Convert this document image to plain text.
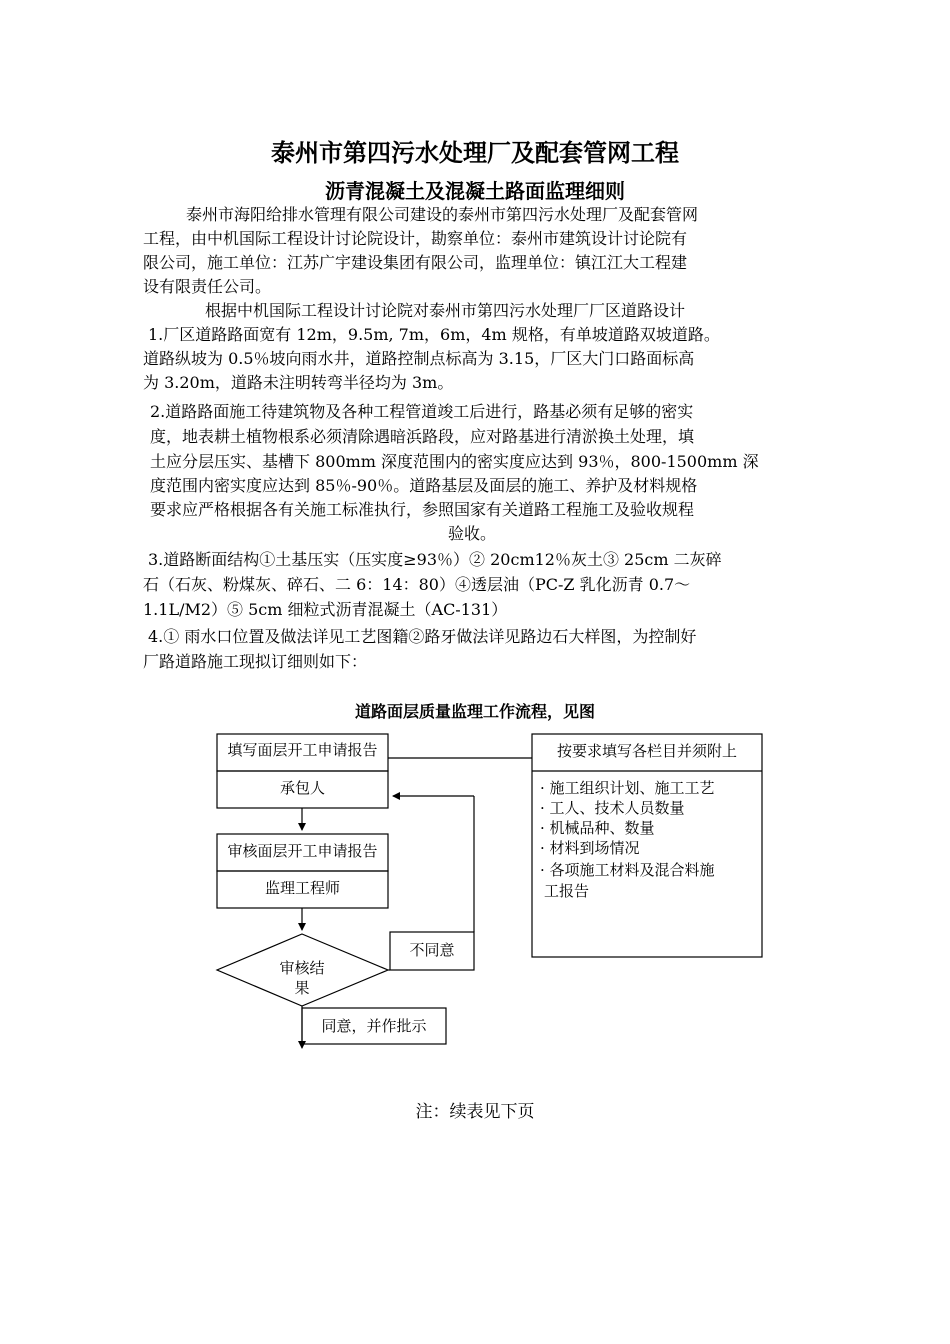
泰州市第四污水处理厂及配套管网工程
沥青混凝土及混凝土路面监理细则
泰州市海阳给排水管理有限公司建设的泰州市第四污水处理厂及配套管网
工程，由中机国际工程设计讨论院设计，勘察单位：泰州市建筑设计讨论院有
限公司，施工单位：江苏广宇建设集团有限公司，监理单位：镇江江大工程建
设有限责任公司。
根据中机国际工程设计讨论院对泰州市第四污水处理厂厂区道路设计
1.厂区道路路面宽有 12m，9.5m, 7m，6m，4m 规格，有单坡道路双坡道路。
道路纵坡为 0.5％坡向雨水井，道路控制点标高为 3.15，厂区大门口路面标高
为 3.20m，道路未注明转弯半径均为 3m。
2.道路路面施工待建筑物及各种工程管道竣工后进行，路基必须有足够的密实
度，地表耕土植物根系必须清除遇暗浜路段，应对路基进行清淤换土处理，填
土应分层压实、基槽下 800mm 深度范围内的密实度应达到 93％，800-1500mm 深
度范围内密实度应达到 85％-90％。道路基层及面层的施工、养护及材料规格
要求应严格根据各有关施工标准执行，参照国家有关道路工程施工及验收规程
验收。
3.道路断面结构①土基压实（压实度≥93％）② 20cm12％灰土③ 25cm 二灰碎
石（石灰、粉煤灰、碎石、二 6：14：80）④透层油（PC-Z 乳化沥青 0.7～
1.1L/M2）⑤ 5cm 细粒式沥青混凝土（AC-131）
4.① 雨水口位置及做法详见工艺图籍②路牙做法详见路边石大样图，为控制好
厂路道路施工现拟订细则如下：
道路面层质量监理工作流程，见图
填写面层开工申请报告
承包人
审核面层开工申请报告
监理工程师
审核结果
不同意
同意，并作批示
按要求填写各栏目并须附上
· 施工组织计划、施工工艺
· 工人、技术人员数量
· 机械品种、数量
· 材料到场情况
· 各项施工材料及混合料施
工报告
注：续表见下页
